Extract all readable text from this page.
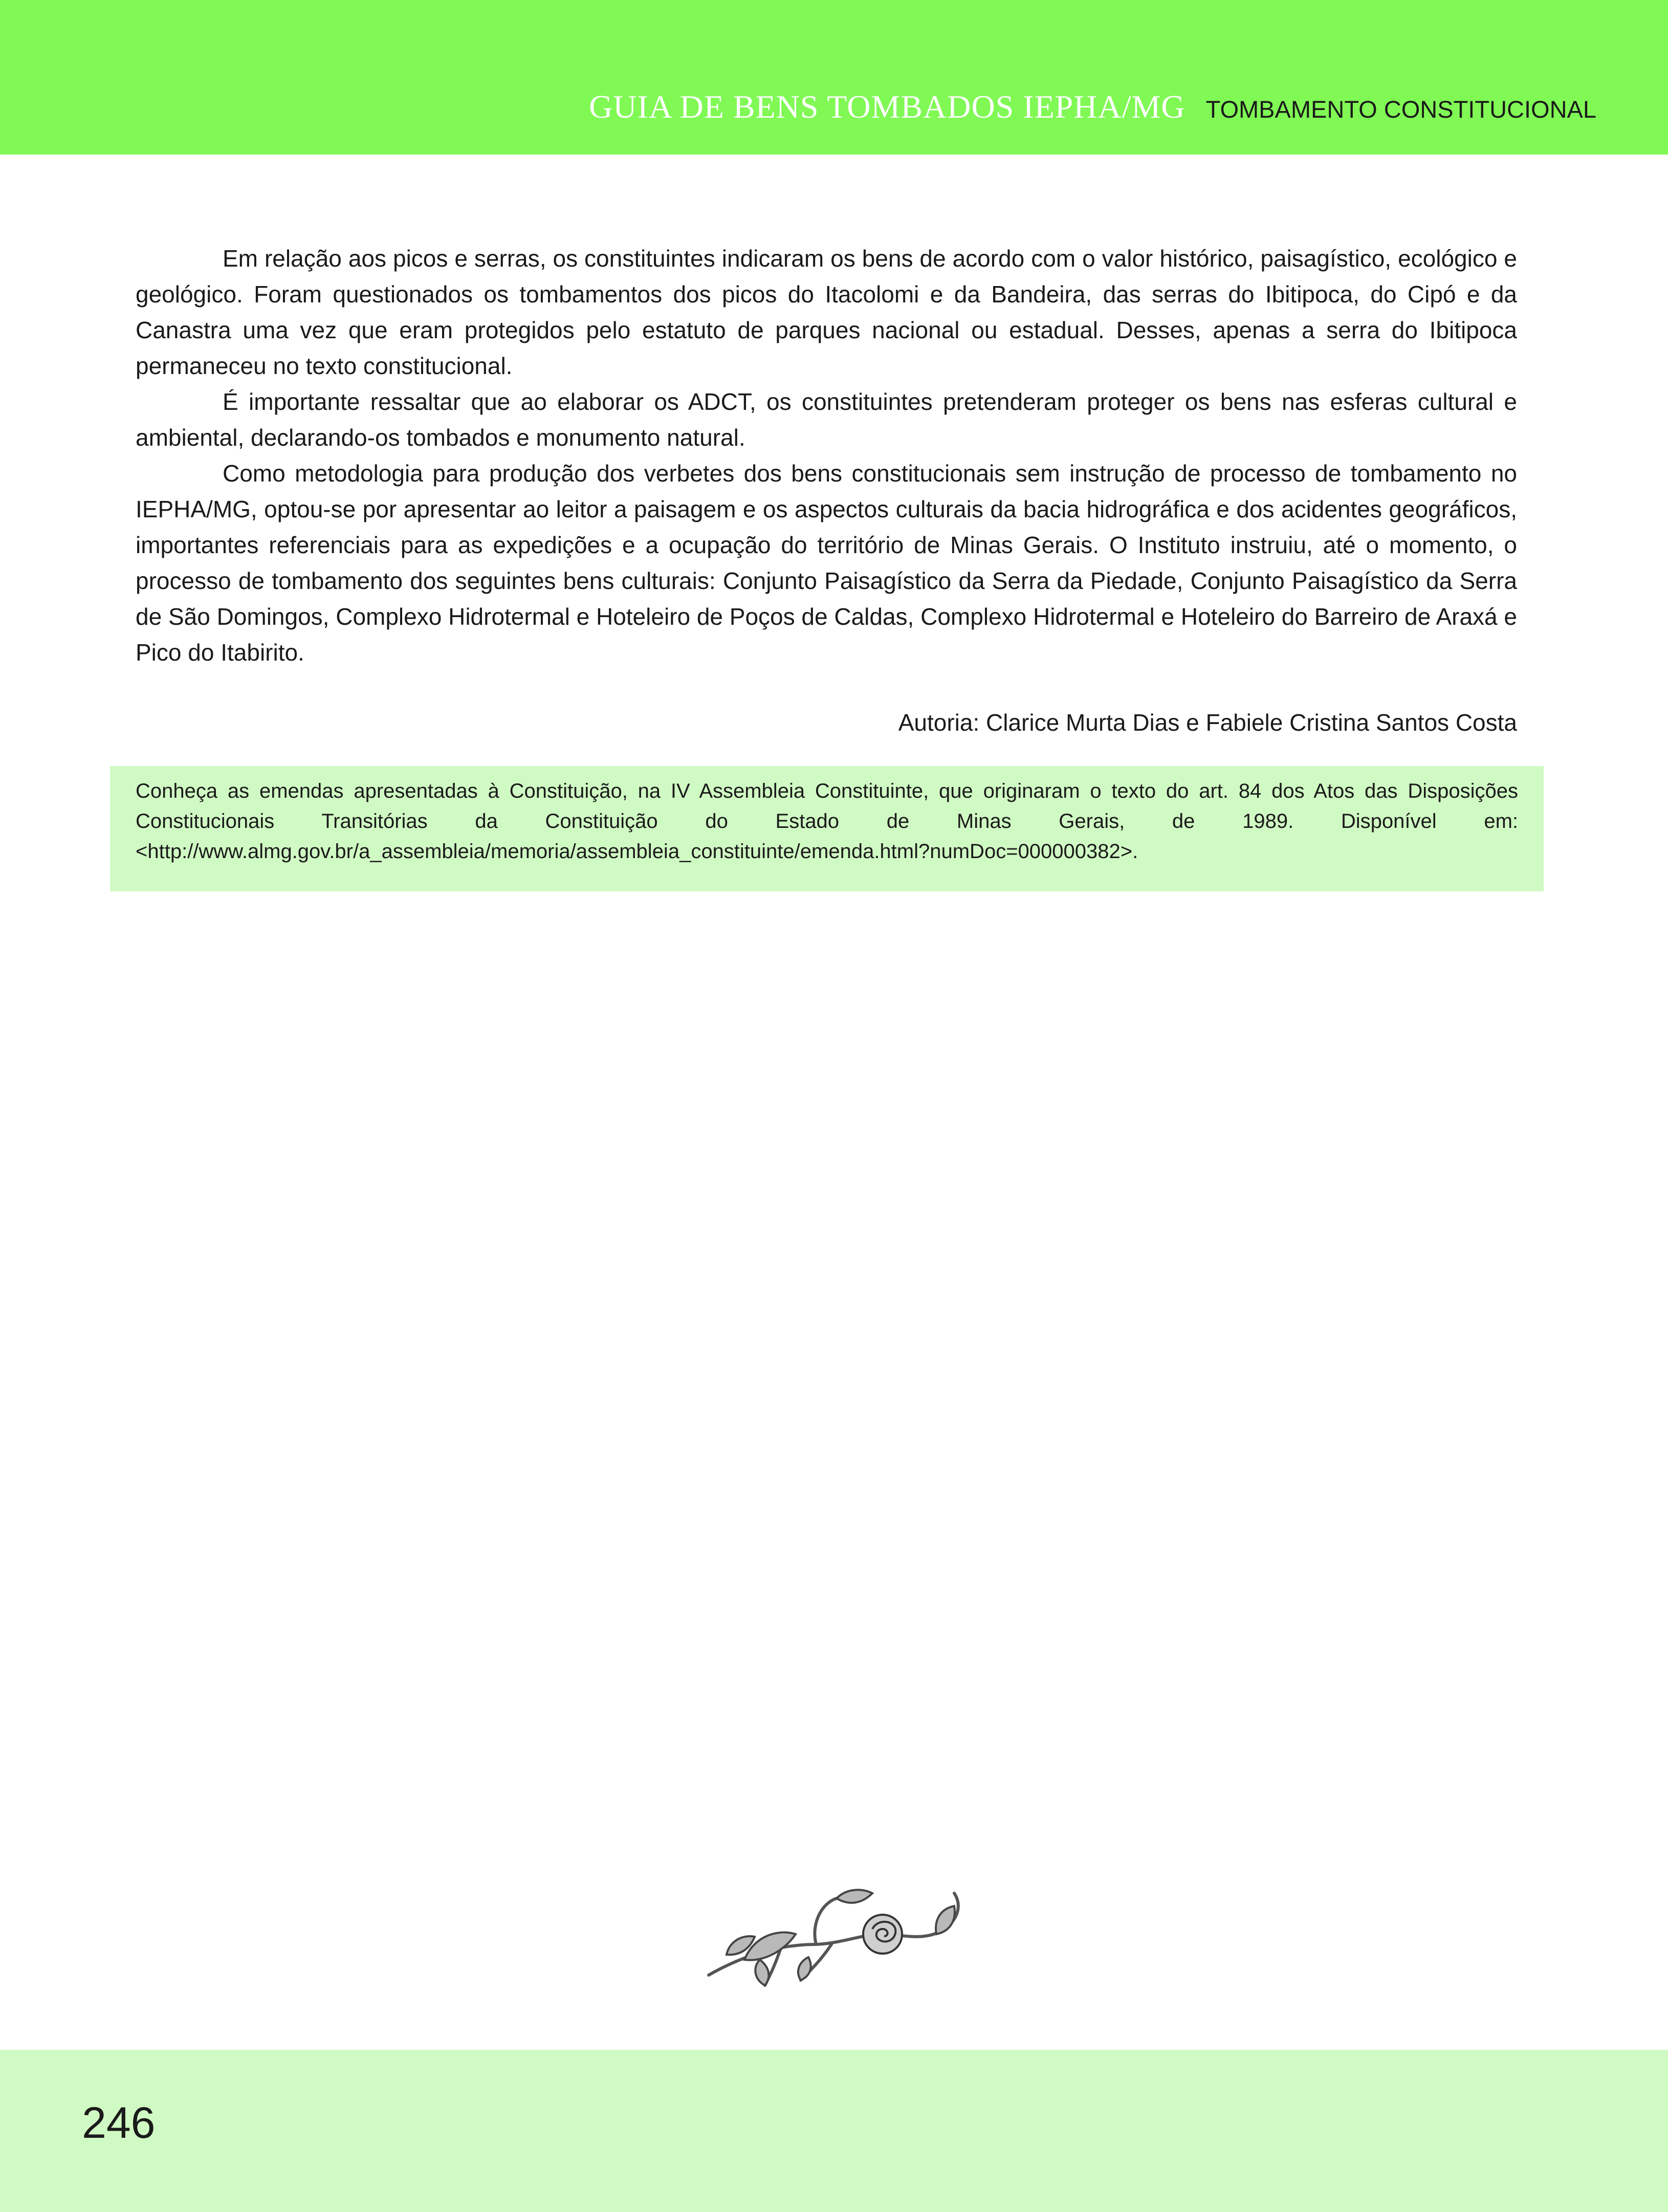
GUIA DE BENS TOMBADOS IEPHA/MG TOMBAMENTO CONSTITUCIONAL

Em relação aos picos e serras, os constituintes indicaram os bens de acordo com o valor histórico, paisagístico, ecológico e geológico. Foram questionados os tombamentos dos picos do Itacolomi e da Bandeira, das serras do Ibitipoca, do Cipó e da Canastra uma vez que eram protegidos pelo estatuto de parques nacional ou estadual. Desses, apenas a serra do Ibitipoca permaneceu no texto constitucional.

É importante ressaltar que ao elaborar os ADCT, os constituintes pretenderam proteger os bens nas esferas cultural e ambiental, declarando-os tombados e monumento natural.

Como metodologia para produção dos verbetes dos bens constitucionais sem instrução de processo de tombamento no IEPHA/MG, optou-se por apresentar ao leitor a paisagem e os aspectos culturais da bacia hidrográfica e dos acidentes geográficos, importantes referenciais para as expedições e a ocupação do território de Minas Gerais. O Instituto instruiu, até o momento, o processo de tombamento dos seguintes bens culturais: Conjunto Paisagístico da Serra da Piedade, Conjunto Paisagístico da Serra de São Domingos, Complexo Hidrotermal e Hoteleiro de Poços de Caldas, Complexo Hidrotermal e Hoteleiro do Barreiro de Araxá e Pico do Itabirito.

Autoria: Clarice Murta Dias e Fabiele Cristina Santos Costa

Conheça as emendas apresentadas à Constituição, na IV Assembleia Constituinte, que originaram o texto do art. 84 dos Atos das Disposições Constitucionais Transitórias da Constituição do Estado de Minas Gerais, de 1989. Disponível em: <http://www.almg.gov.br/a_assembleia/memoria/assembleia_constituinte/emenda.html?numDoc=000000382>.

246
